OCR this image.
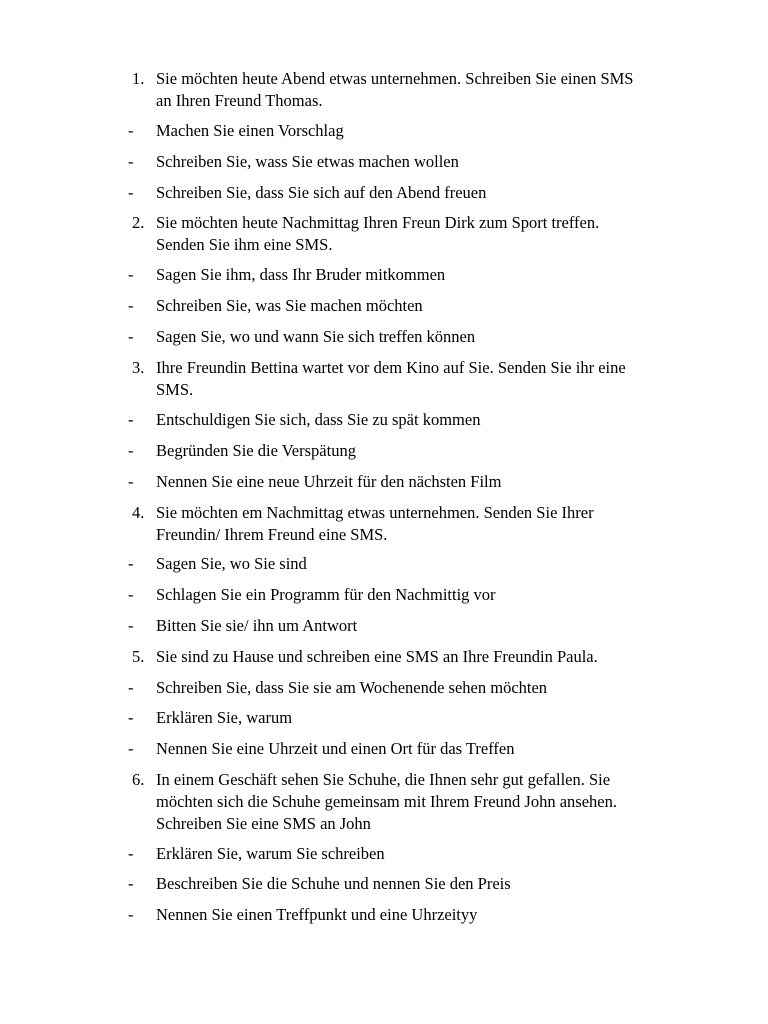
1. Sie möchten heute Abend etwas unternehmen. Schreiben Sie einen SMS
an Ihren Freund Thomas.
-	Machen Sie einen Vorschlag
-	Schreiben Sie, wass Sie etwas machen wollen
-	Schreiben Sie, dass Sie sich auf den Abend freuen
2. Sie möchten heute Nachmittag Ihren Freun Dirk zum Sport treffen.
Senden Sie ihm eine SMS.
-	Sagen Sie ihm, dass Ihr Bruder mitkommen
-	Schreiben Sie, was Sie machen möchten
-	Sagen Sie, wo und wann Sie sich treffen können
3. Ihre Freundin Bettina wartet vor dem Kino auf Sie. Senden Sie ihr eine
SMS.
-	Entschuldigen Sie sich, dass Sie zu spät kommen
-	Begründen Sie die Verspätung
-	Nennen Sie eine neue Uhrzeit für den nächsten Film
4. Sie möchten em Nachmittag etwas unternehmen. Senden Sie Ihrer
Freundin/ Ihrem Freund eine SMS.
-	Sagen Sie, wo Sie sind
-	Schlagen Sie ein Programm für den Nachmittig vor
-	Bitten Sie sie/ ihn um Antwort
5. Sie sind zu Hause und schreiben eine SMS an Ihre Freundin Paula.
-	Schreiben Sie, dass Sie sie am Wochenende sehen möchten
-	Erklären Sie, warum
-	Nennen Sie eine Uhrzeit und einen Ort für das Treffen
6. In einem Geschäft sehen Sie Schuhe, die Ihnen sehr gut gefallen. Sie
möchten sich die Schuhe gemeinsam mit Ihrem Freund John ansehen.
Schreiben Sie eine SMS an John
-	Erklären Sie, warum Sie schreiben
-	Beschreiben Sie die Schuhe und nennen Sie den Preis
-	Nennen Sie einen Treffpunkt und eine Uhrzeityy
